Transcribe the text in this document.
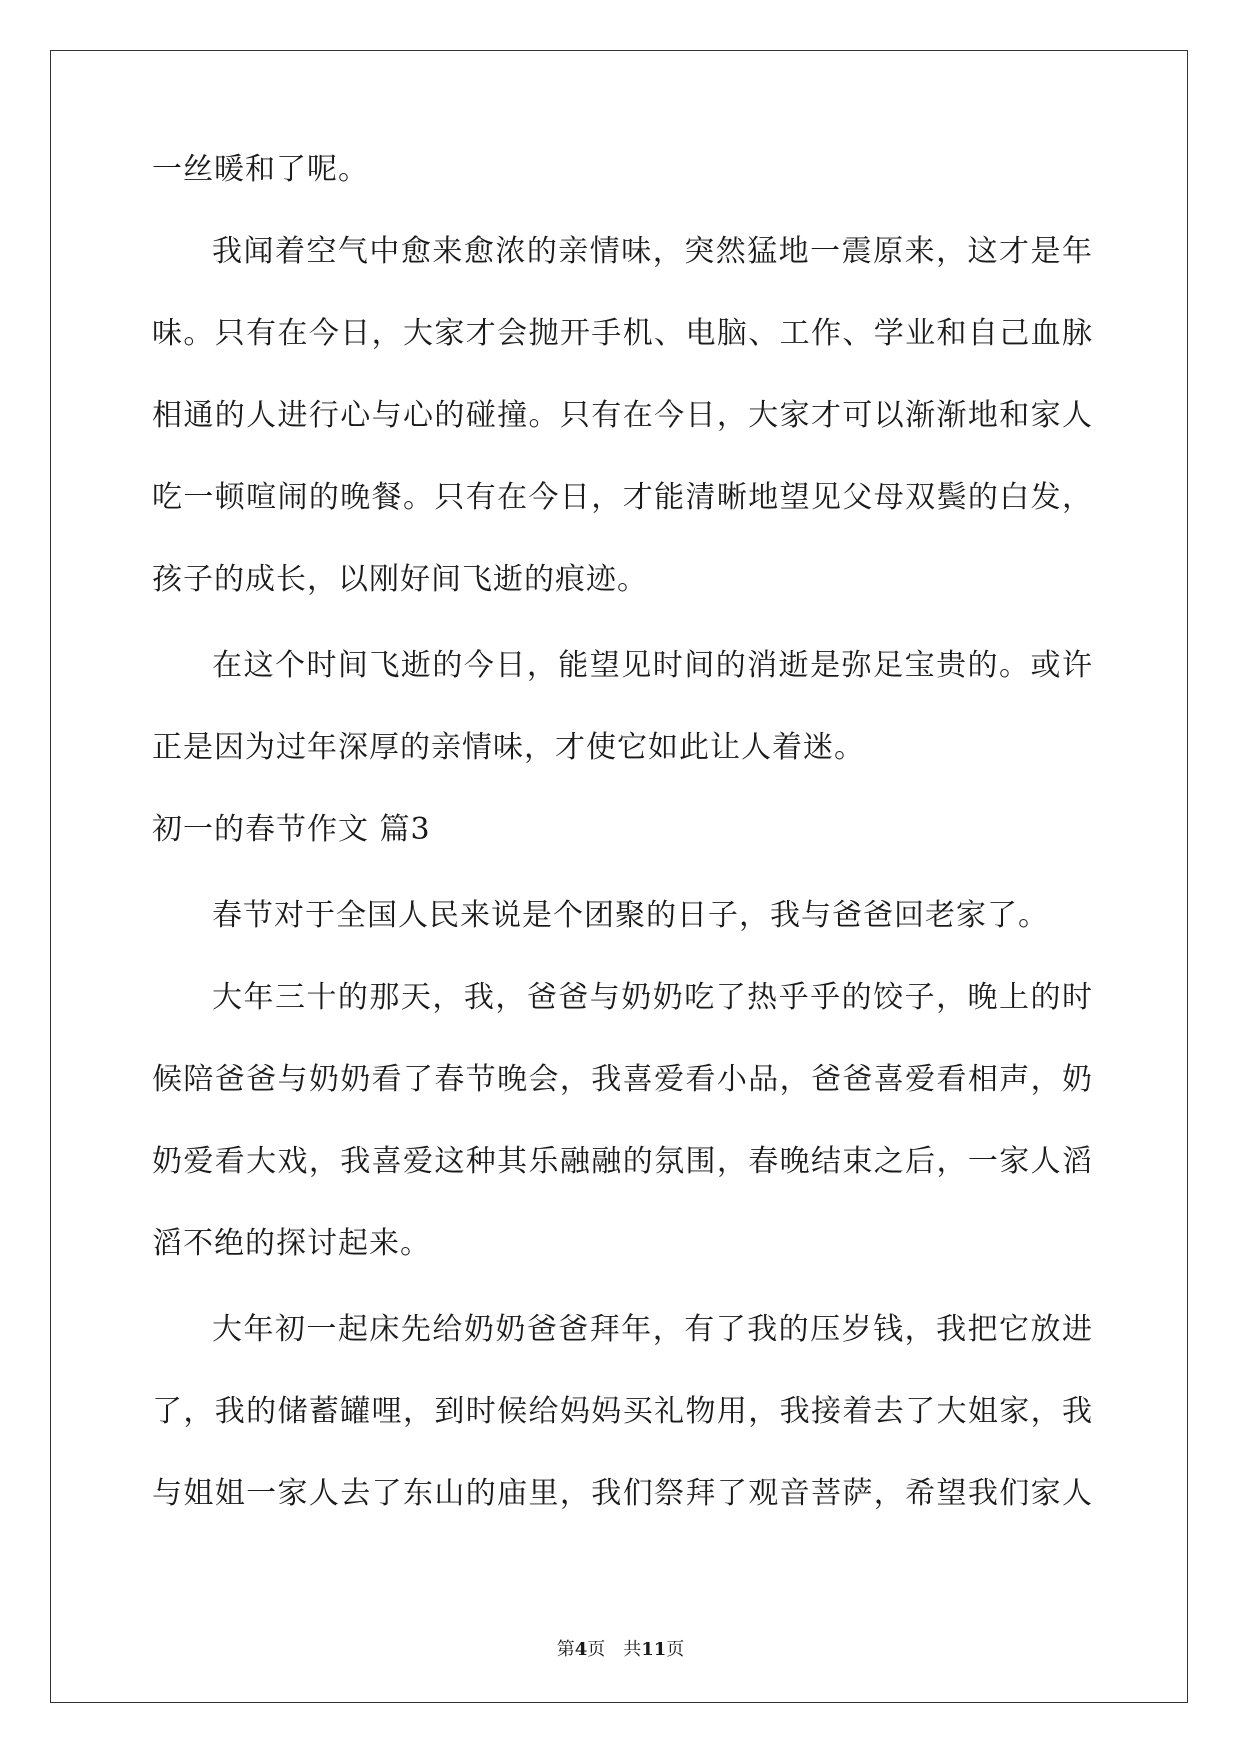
一丝暖和了呢。
我闻着空气中愈来愈浓的亲情味，突然猛地一震原来，这才是年
味。只有在今日，大家才会抛开手机、电脑、工作、学业和自己血脉
相通的人进行心与心的碰撞。只有在今日，大家才可以渐渐地和家人
吃一顿喧闹的晚餐。只有在今日，才能清晰地望见父母双鬓的白发，
孩子的成长，以刚好间飞逝的痕迹。
在这个时间飞逝的今日，能望见时间的消逝是弥足宝贵的。或许
正是因为过年深厚的亲情味，才使它如此让人着迷。
初一的春节作文 篇3
春节对于全国人民来说是个团聚的日子，我与爸爸回老家了。
大年三十的那天，我，爸爸与奶奶吃了热乎乎的饺子，晚上的时
候陪爸爸与奶奶看了春节晚会，我喜爱看小品，爸爸喜爱看相声，奶
奶爱看大戏，我喜爱这种其乐融融的氛围，春晚结束之后，一家人滔
滔不绝的探讨起来。
大年初一起床先给奶奶爸爸拜年，有了我的压岁钱，我把它放进
了，我的储蓄罐哩，到时候给妈妈买礼物用，我接着去了大姐家，我
与姐姐一家人去了东山的庙里，我们祭拜了观音菩萨，希望我们家人
第4页　共11页
